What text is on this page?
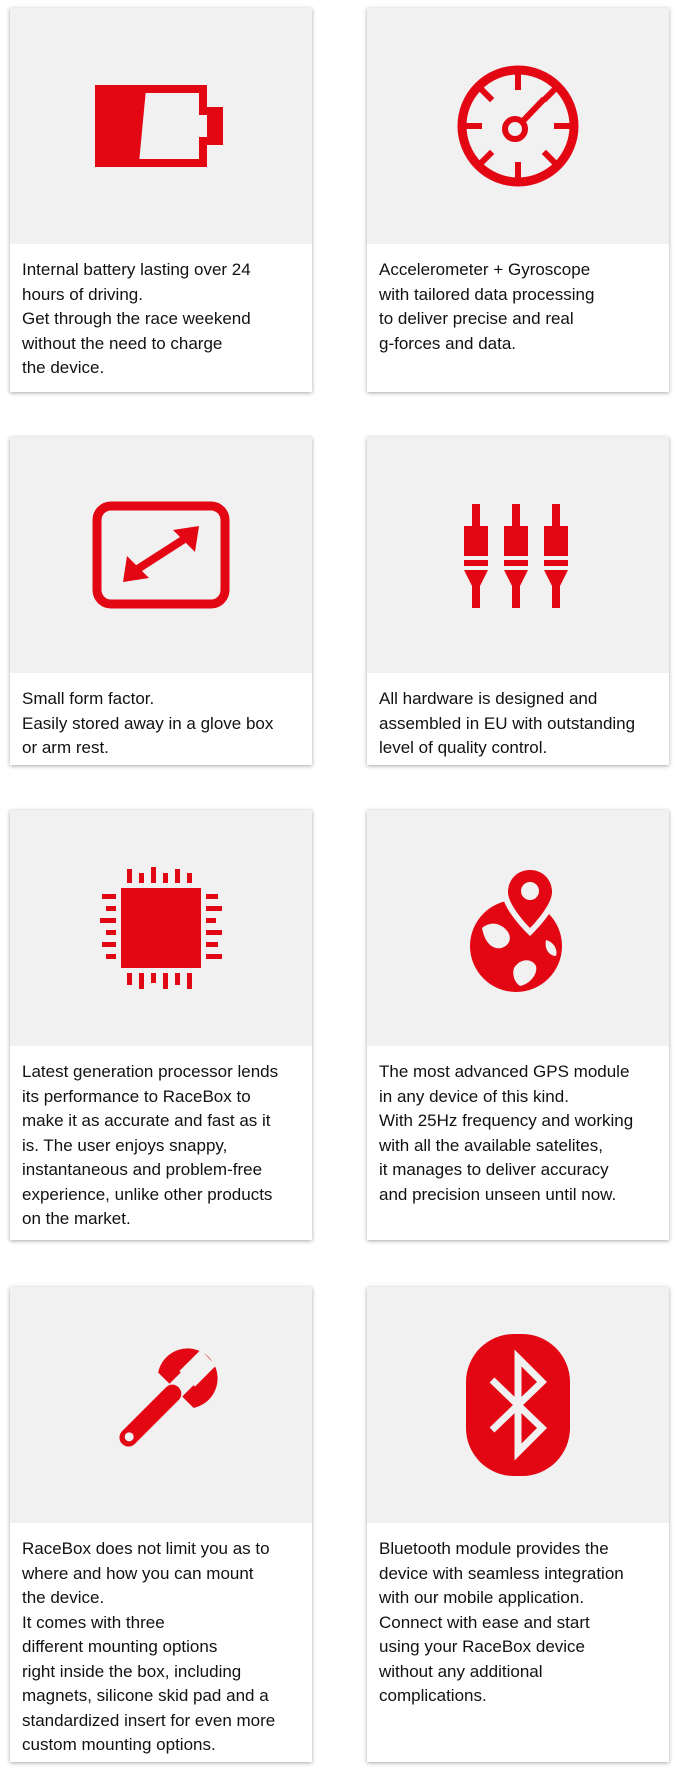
Internal battery lasting over 24
hours of driving.
Get through the race weekend
without the need to charge
the device.
Accelerometer + Gyroscope
with tailored data processing
to deliver precise and real
g-forces and data.
Small form factor.
Easily stored away in a glove box
or arm rest.
All hardware is designed and
assembled in EU with outstanding
level of quality control.
Latest generation processor lends
its performance to RaceBox to
make it as accurate and fast as it
is. The user enjoys snappy,
instantaneous and problem-free
experience, unlike other products
on the market.
The most advanced GPS module
in any device of this kind.
With 25Hz frequency and working
with all the available satelites,
it manages to deliver accuracy
and precision unseen until now.
RaceBox does not limit you as to
where and how you can mount
the device.
It comes with three
different mounting options
right inside the box, including
magnets, silicone skid pad and a
standardized insert for even more
custom mounting options.
Bluetooth module provides the
device with seamless integration
with our mobile application.
Connect with ease and start
using your RaceBox device
without any additional
complications.
